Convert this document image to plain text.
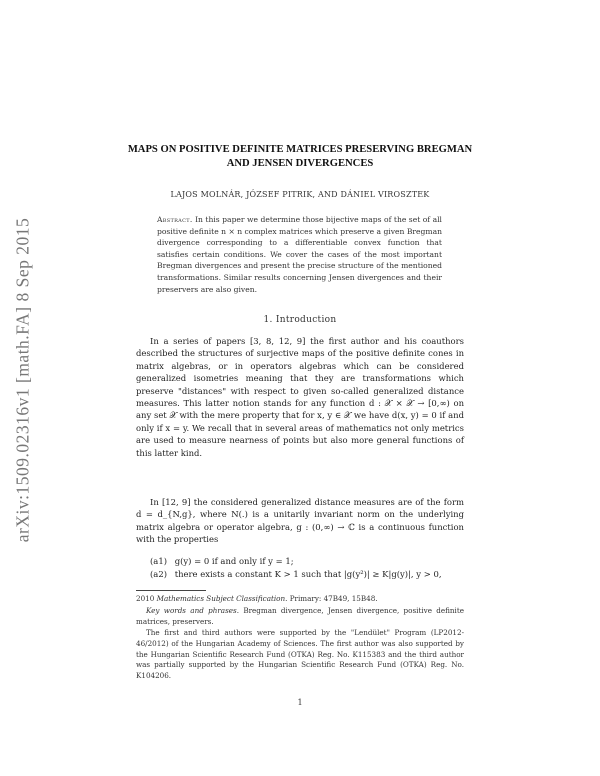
arXiv:1509.02316v1 [math.FA] 8 Sep 2015
MAPS ON POSITIVE DEFINITE MATRICES PRESERVING BREGMAN
AND JENSEN DIVERGENCES
LAJOS MOLNÁR, JÓZSEF PITRIK, AND DÁNIEL VIROSZTEK
Abstract. In this paper we determine those bijective maps of the set of all positive definite n × n complex matrices which preserve a given Bregman divergence corresponding to a differentiable convex function that satisfies certain conditions. We cover the cases of the most important Bregman divergences and present the precise structure of the mentioned transformations. Similar results concerning Jensen divergences and their preservers are also given.
1. Introduction
In a series of papers [3, 8, 12, 9] the first author and his coauthors described the structures of surjective maps of the positive definite cones in matrix algebras, or in operators algebras which can be considered generalized isometries meaning that they are transformations which preserve "distances" with respect to given so-called generalized distance measures. This latter notion stands for any function d : 𝒳 × 𝒳 → [0,∞) on any set 𝒳 with the mere property that for x, y ∈ 𝒳 we have d(x, y) = 0 if and only if x = y. We recall that in several areas of mathematics not only metrics are used to measure nearness of points but also more general functions of this latter kind.
In [12, 9] the considered generalized distance measures are of the form d = d_{N,g}, where N(.) is a unitarily invariant norm on the underlying matrix algebra or operator algebra, g : (0,∞) → ℂ is a continuous function with the properties
(a1) g(y) = 0 if and only if y = 1;
(a2) there exists a constant K > 1 such that |g(y²)| ≥ K|g(y)|, y > 0,
2010 Mathematics Subject Classification. Primary: 47B49, 15B48.
Key words and phrases. Bregman divergence, Jensen divergence, positive definite matrices, preservers.
The first and third authors were supported by the "Lendület" Program (LP2012-46/2012) of the Hungarian Academy of Sciences. The first author was also supported by the Hungarian Scientific Research Fund (OTKA) Reg. No. K115383 and the third author was partially supported by the Hungarian Scientific Research Fund (OTKA) Reg. No. K104206.
1
